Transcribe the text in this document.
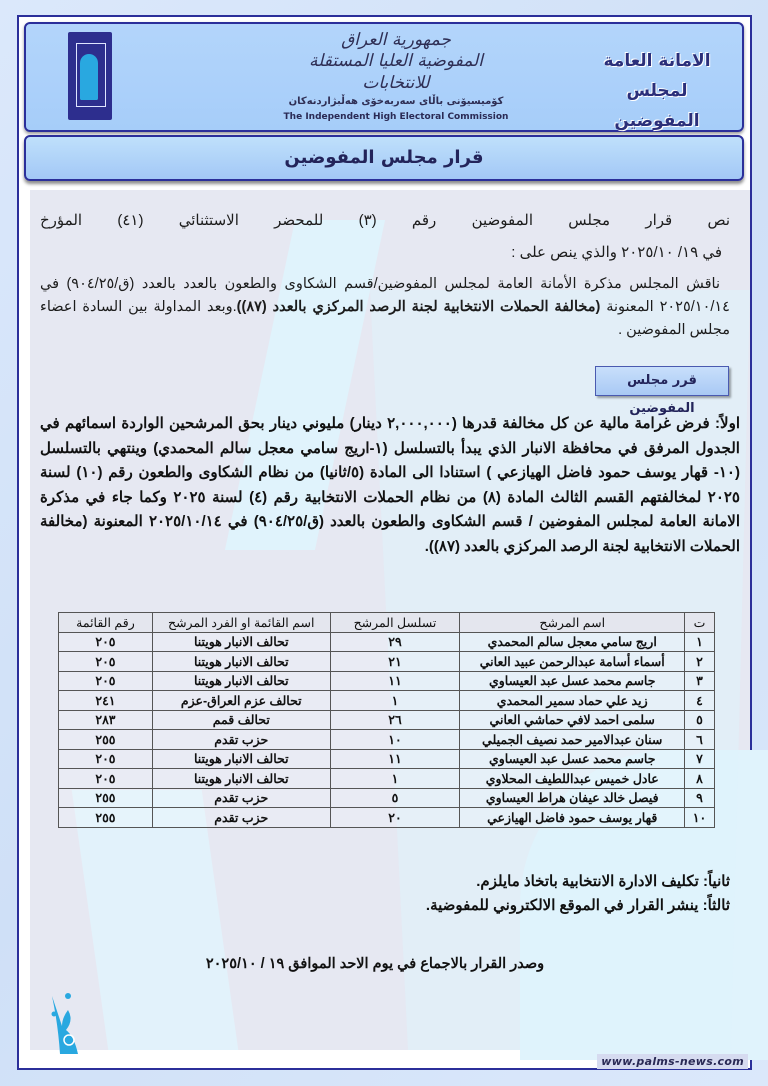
جمهورية العراق
المفوضية العليا المستقلة للانتخابات
كۆمیسیۆنی باڵای سەربەخۆی هەڵبژاردنەکان
The Independent High Electoral Commission
الامانة العامة
لمجلس المفوضين
قرار مجلس المفوضين
نص قرار مجلس المفوضين رقم (٣) للمحضر الاستثنائي (٤١) المؤرخ
في ١٩/ ٢٠٢٥/١٠ والذي ينص على :
ناقش المجلس مذكرة الأمانة العامة لمجلس المفوضين/قسم الشكاوى والطعون بالعدد بالعدد (ق/٩٠٤/٢٥) في ٢٠٢٥/١٠/١٤ المعنونة (مخالفة الحملات الانتخابية لجنة الرصد المركزي بالعدد (٨٧)).وبعد المداولة بين السادة اعضاء مجلس المفوضين .
قرر مجلس المفوضين
اولاً: فرض غرامة مالية عن كل مخالفة قدرها (٢,٠٠٠,٠٠٠ دينار) مليوني دينار بحق المرشحين الواردة اسمائهم في الجدول المرفق في محافظة الانبار الذي يبدأ بالتسلسل (١-اريج سامي معجل سالم المحمدي) وينتهي بالتسلسل (١٠- قهار يوسف حمود فاضل الهيازعي ) استنادا الى المادة (٥/ثانيا) من نظام الشكاوى والطعون رقم (١٠) لسنة ٢٠٢٥ لمخالفتهم القسم الثالث المادة (٨) من نظام الحملات الانتخابية رقم (٤) لسنة ٢٠٢٥ وكما جاء في مذكرة الامانة العامة لمجلس المفوضين / قسم الشكاوى والطعون بالعدد (ق/٩٠٤/٢٥) في ٢٠٢٥/١٠/١٤ المعنونة (مخالفة الحملات الانتخابية لجنة الرصد المركزي بالعدد (٨٧)).
ت	اسم المرشح	تسلسل المرشح	اسم القائمة او الفرد المرشح	رقم القائمة
١	اريج سامي معجل سالم المحمدي	٢٩	تحالف الانبار هويتنا	٢٠٥
٢	أسماء أسامة عبدالرحمن عبيد العاني	٢١	تحالف الانبار هويتنا	٢٠٥
٣	جاسم محمد عسل عبد العيساوي	١١	تحالف الانبار هويتنا	٢٠٥
٤	زيد علي حماد سمير المحمدي	١	تحالف عزم العراق-عزم	٢٤١
٥	سلمى احمد لافي حماشي العاني	٢٦	تحالف قمم	٢٨٣
٦	سنان عبدالامير حمد نصيف الجميلي	١٠	حزب تقدم	٢٥٥
٧	جاسم محمد عسل عبد العيساوي	١١	تحالف الانبار هويتنا	٢٠٥
٨	عادل خميس عبداللطيف المحلاوي	١	تحالف الانبار هويتنا	٢٠٥
٩	فيصل خالد عيفان هراط العيساوي	٥	حزب تقدم	٢٥٥
١٠	قهار يوسف حمود فاضل الهيازعي	٢٠	حزب تقدم	٢٥٥
ثانياً: تكليف الادارة الانتخابية باتخاذ مايلزم.
ثالثاً: ينشر القرار في الموقع الالكتروني للمفوضية.
وصدر القرار بالاجماع في يوم الاحد الموافق ١٩ / ٢٠٢٥/١٠
www.palms-news.com
